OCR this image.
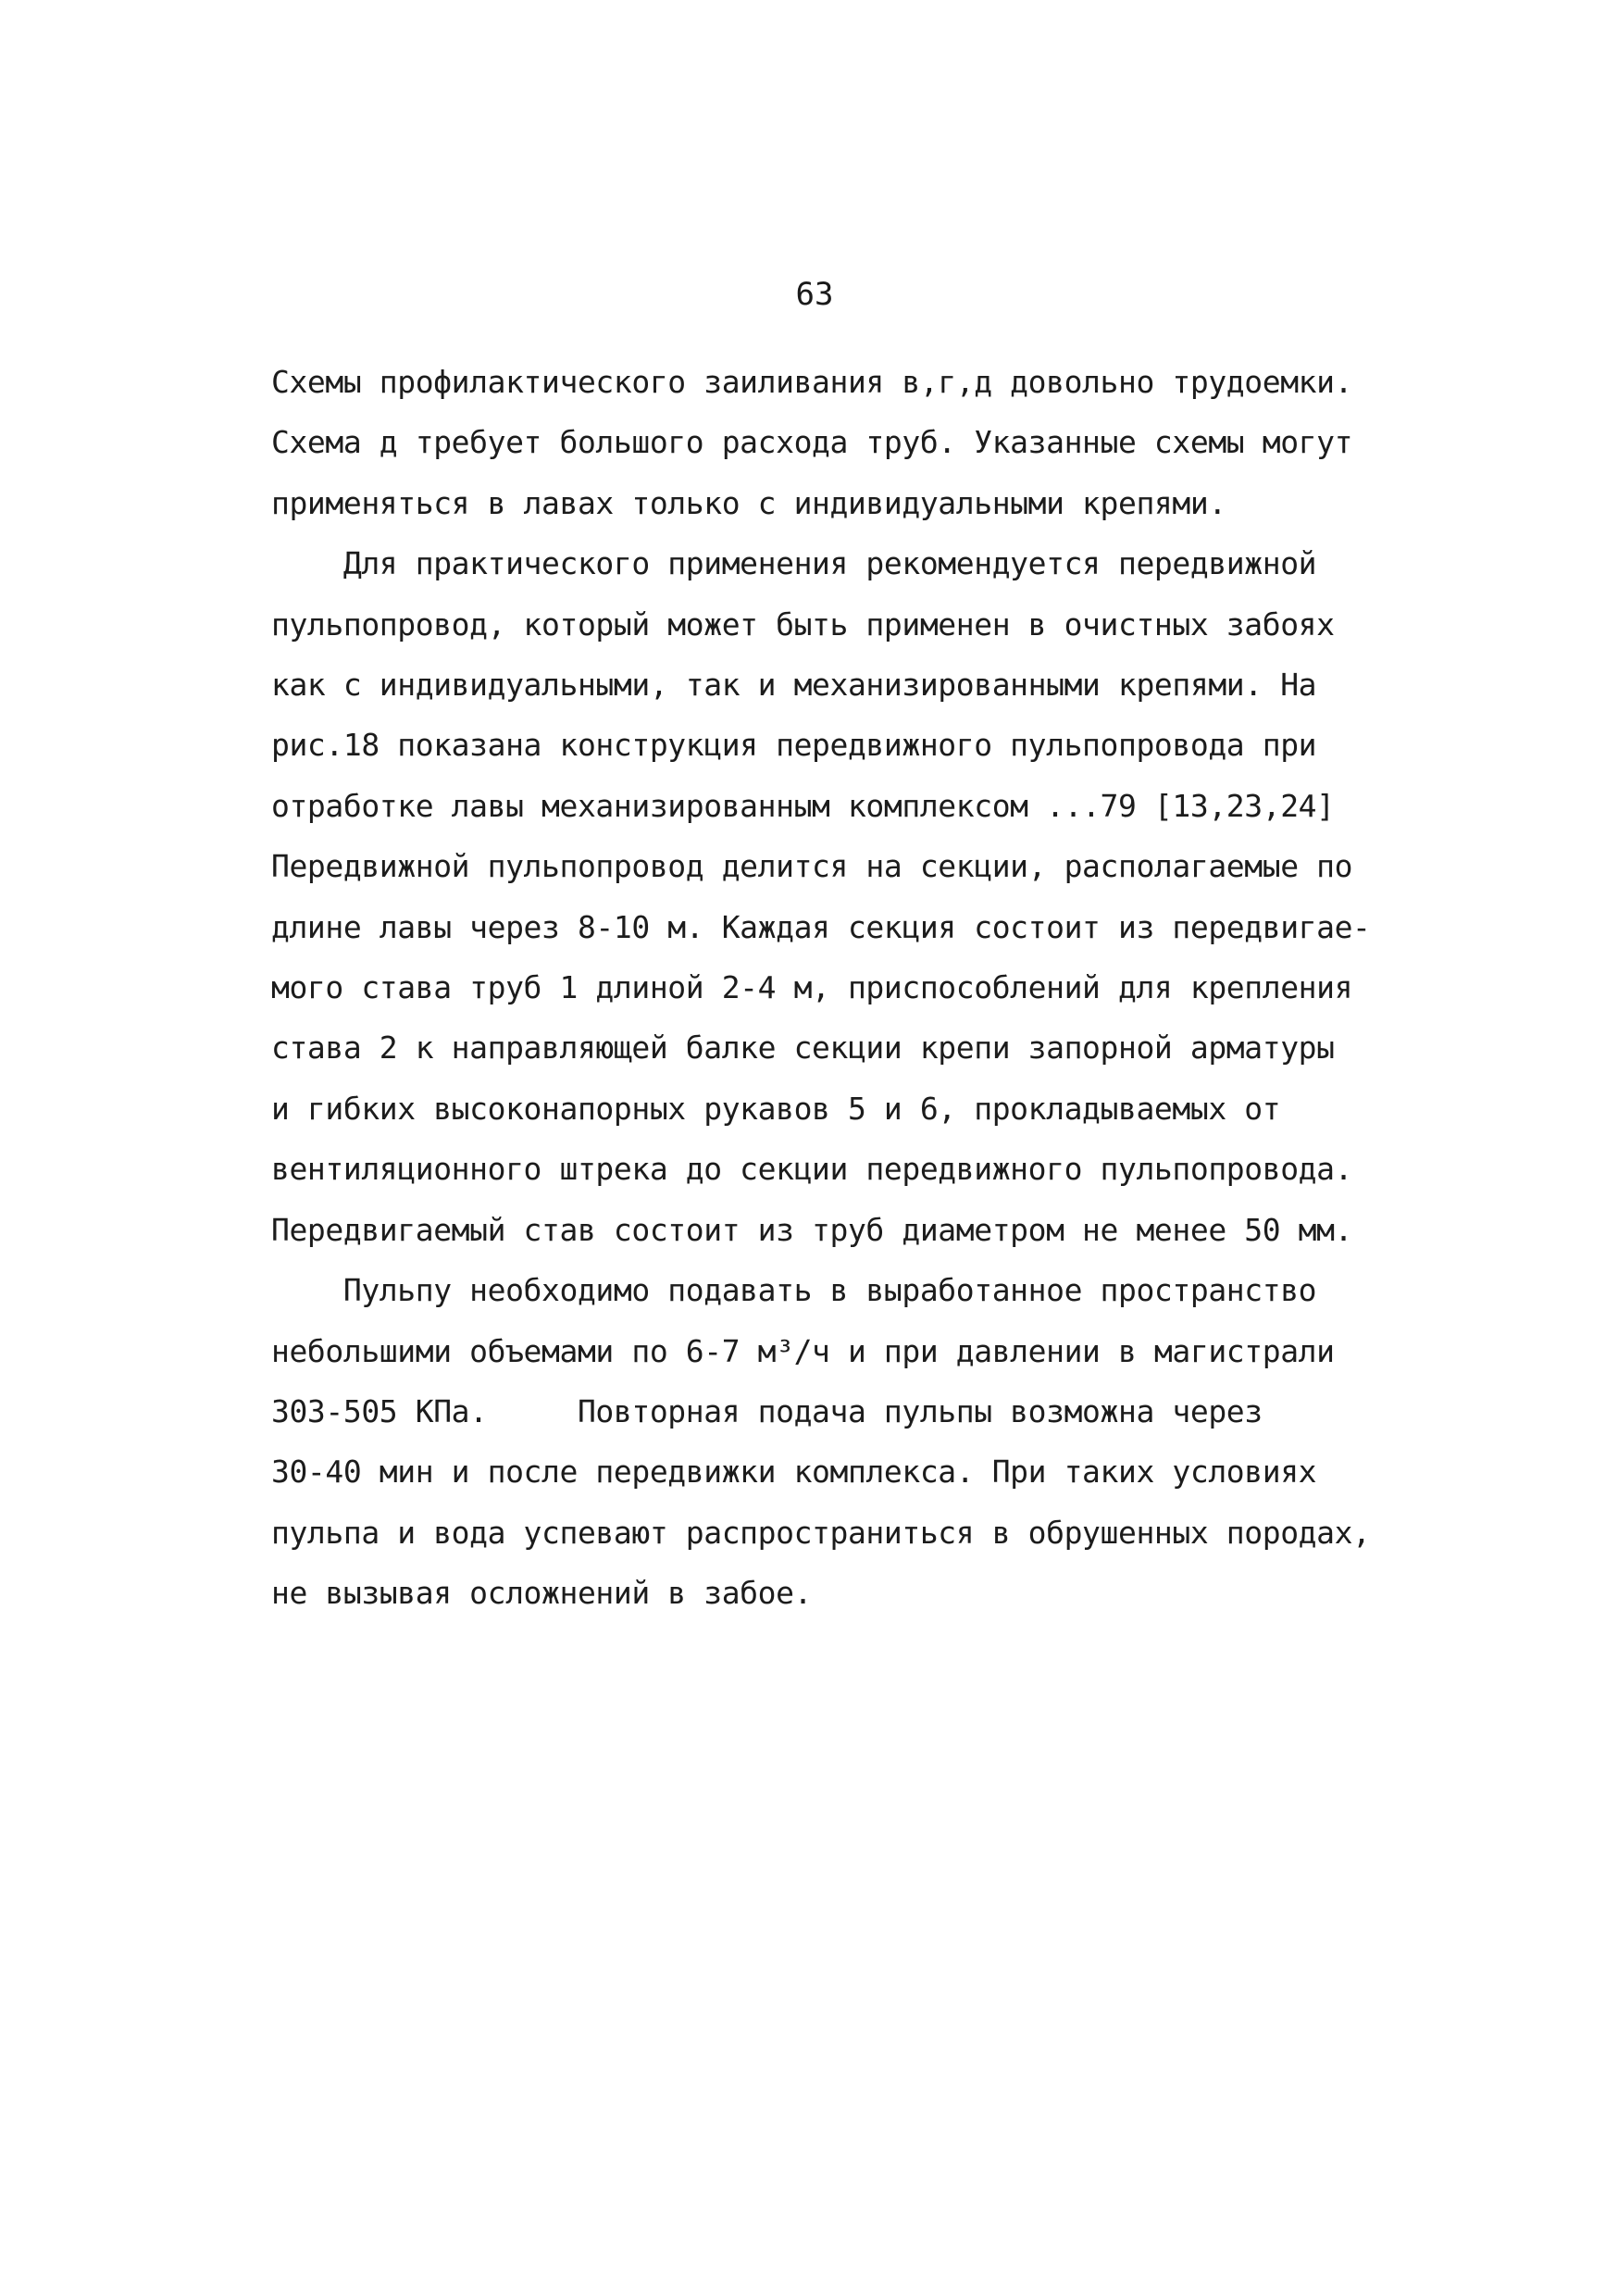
63
Схемы профилактического заиливания в,г,д довольно трудоемки.
Схема д требует большого расхода труб. Указанные схемы могут
применяться в лавах только с индивидуальными крепями.
Для практического применения рекомендуется передвижной
пульпопровод, который может быть применен в очистных забоях
как с индивидуальными, так и механизированными крепями. На
рис.18 показана конструкция передвижного пульпопровода при
отработке лавы механизированным комплексом ...79 [13,23,24]
Передвижной пульпопровод делится на секции, располагаемые по
длине лавы через 8-10 м. Каждая секция состоит из передвигае-
мого става труб 1 длиной 2-4 м, приспособлений для крепления
става 2 к направляющей балке секции крепи запорной арматуры
и гибких высоконапорных рукавов 5 и 6, прокладываемых от
вентиляционного штрека до секции передвижного пульпопровода.
Передвигаемый став состоит из труб диаметром не менее 50 мм.
Пульпу необходимо подавать в выработанное пространство
небольшими объемами по 6-7 м³/ч и при давлении в магистрали
303-505 КПа.     Повторная подача пульпы возможна через
30-40 мин и после передвижки комплекса. При таких условиях
пульпа и вода успевают распространиться в обрушенных породах,
не вызывая осложнений в забое.
